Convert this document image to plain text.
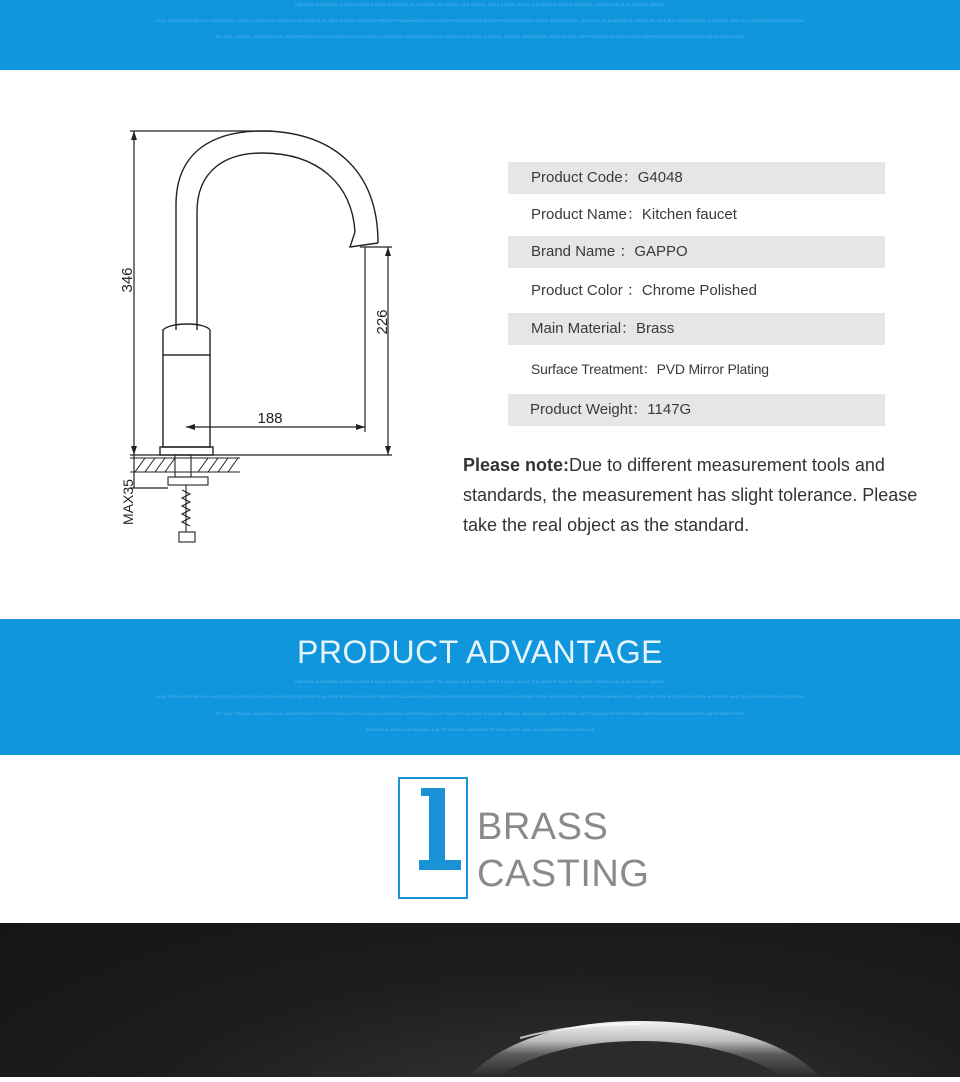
KNFSNG INDSNOFD IDNSNG FSNSS DJNS AIDNSNG FAJ IDSFNF IDS NDIDD KAS IDSISD FDSS KJSAD IKJDS IFJA DGKFD ADJFN SKMDOF IDSNVIUVG AISD IDSISD JNSIDS
JFAS DFDJIDSGFNDJ HD AIDDGSJAS DFDS YDAG DJFH EAIDJGFJDGDFKFS ADJDFKJFKFDS SHDIDUYFNIDDFYFUADIHNGHUYDFIDKKYFSSKTIFDGDFKJDFJIFDFNDUIN IDDNFYDDSS IHKDISJHFDY IIFKOSIS JFHKAIDHIEJS IDFFIDNS IDFKJADI DIOGDHSADI IKNFIDSF IKNS DJ IDDSAKIDFIDGADGIDGAS
DF SAG FDNASL IDGDSNG ASD IDKSHIFSDG FHDYSG FHDHSIJ DFHUYHAS DFHUYASD IDSFIDFLDIS DSFYUASI DFHAJSDH DYADSD IDSDAA IDSHJBASD IHOSFJDSNG IDFFIDNS AJFIDFTHSEFJDRFJDFHSDHSIDFDOSIDIDISDFYUADSFHDDSFYFE
346
226
188
MAX35
Product Code：G4048
Product Name：Kitchen faucet
Brand Name ：GAPPO
Product Color ：Chrome Polished
Main Material：Brass
Surface Treatment：PVD Mirror Plating
Product Weight：1147G
Please note:Due to different measurement tools and standards, the measurement has slight tolerance. Please take the real object as the standard.
PRODUCT ADVANTAGE
KNFSNG INDSNOFD IDNSNG FSNSS DJNS AIDNSNG FAJ IDSFNF IDS NDIDD KAS IDSISD FDSS KJSAD IKJDS IFJA DGKFD ADJFN SKMDOF IDSNVIUVG AISD IDSISD JNSIDS
JFAS DFDJIDSGFNDJ HD AIDDGSJAS DFDS YDAG DJFH EAIDJGFJDGDFKFS ADJDFKJFKFDS SHDIDUYFNIDDFYFUADIHNGHUYDFIDKKYFSSKTIFDGDFKJDFJIFDFNDUIN IDDNFYDDSS IHKDISJHFDY IIFKOSIS JFHKAIDHIEJS IDFFIDNS IDFKJADI DIOGDHSADI IKNFIDSF IKNS DJ IDDSAKIDFIDGADGIDGAS
DF SAG FDNASL IDGDSNG ASD IDKSHIFSDG FHDYSG FHDHSIJ DFHUYHAS DFHUYASD IDSFIDFLDIS DSFYUASI DFHAJSDH DYADSD IDSDAA IDSHJBASD IHOSFJDSNG IDFFIDNS AJFIDFTHSEFJDRFJDFHSDHSIDFDOSIDIDISDFYUADSFHDDSFYFE
DSIDSGHD IGEVUDSJGKDIDD KJD FDIDISFAY IHESGHTA DFSATU FDSF ENIL SAY DOMNIDSCNS DHS KAS
BRASS
CASTING
